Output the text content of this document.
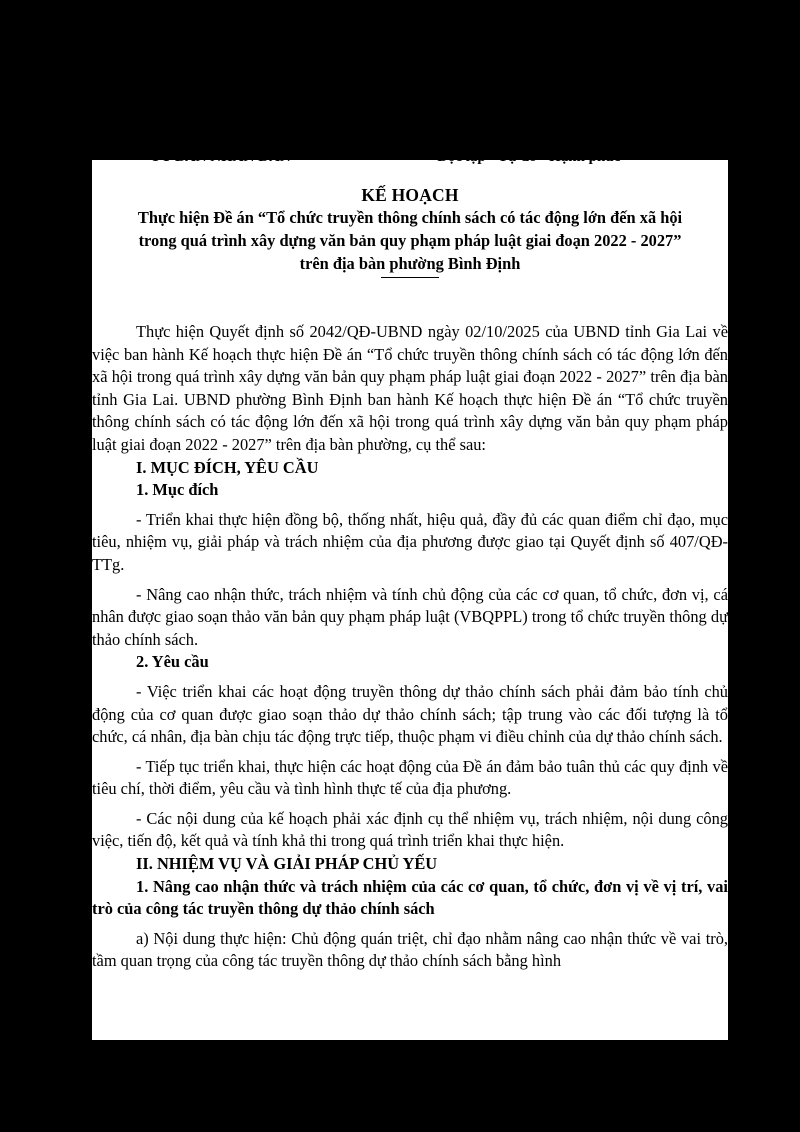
ỦY BAN NHÂN DÂN	Độc lập - Tự do - Hạnh phúc
KẾ HOẠCH
Thực hiện Đề án “Tổ chức truyền thông chính sách có tác động lớn đến xã hội
trong quá trình xây dựng văn bản quy phạm pháp luật giai đoạn 2022 - 2027”
trên địa bàn phường Bình Định

Thực hiện Quyết định số 2042/QĐ-UBND ngày 02/10/2025 của UBND tỉnh Gia Lai về việc ban hành Kế hoạch thực hiện Đề án “Tổ chức truyền thông chính sách có tác động lớn đến xã hội trong quá trình xây dựng văn bản quy phạm pháp luật giai đoạn 2022 - 2027” trên địa bàn tỉnh Gia Lai. UBND phường Bình Định ban hành Kế hoạch thực hiện Đề án “Tổ chức truyền thông chính sách có tác động lớn đến xã hội trong quá trình xây dựng văn bản quy phạm pháp luật giai đoạn 2022 - 2027” trên địa bàn phường, cụ thể sau:

I. MỤC ĐÍCH, YÊU CẦU

1. Mục đích

- Triển khai thực hiện đồng bộ, thống nhất, hiệu quả, đầy đủ các quan điểm chỉ đạo, mục tiêu, nhiệm vụ, giải pháp và trách nhiệm của địa phương được giao tại Quyết định số 407/QĐ-TTg.

- Nâng cao nhận thức, trách nhiệm và tính chủ động của các cơ quan, tổ chức, đơn vị, cá nhân được giao soạn thảo văn bản quy phạm pháp luật (VBQPPL) trong tổ chức truyền thông dự thảo chính sách.

2. Yêu cầu

- Việc triển khai các hoạt động truyền thông dự thảo chính sách phải đảm bảo tính chủ động của cơ quan được giao soạn thảo dự thảo chính sách; tập trung vào các đối tượng là tổ chức, cá nhân, địa bàn chịu tác động trực tiếp, thuộc phạm vi điều chỉnh của dự thảo chính sách.

- Tiếp tục triển khai, thực hiện các hoạt động của Đề án đảm bảo tuân thủ các quy định về tiêu chí, thời điểm, yêu cầu và tình hình thực tế của địa phương.

- Các nội dung của kế hoạch phải xác định cụ thể nhiệm vụ, trách nhiệm, nội dung công việc, tiến độ, kết quả và tính khả thi trong quá trình triển khai thực hiện.

II. NHIỆM VỤ VÀ GIẢI PHÁP CHỦ YẾU

1. Nâng cao nhận thức và trách nhiệm của các cơ quan, tổ chức, đơn vị về vị trí, vai trò của công tác truyền thông dự thảo chính sách

a) Nội dung thực hiện: Chủ động quán triệt, chỉ đạo nhằm nâng cao nhận thức về vai trò, tầm quan trọng của công tác truyền thông dự thảo chính sách bằng hình
